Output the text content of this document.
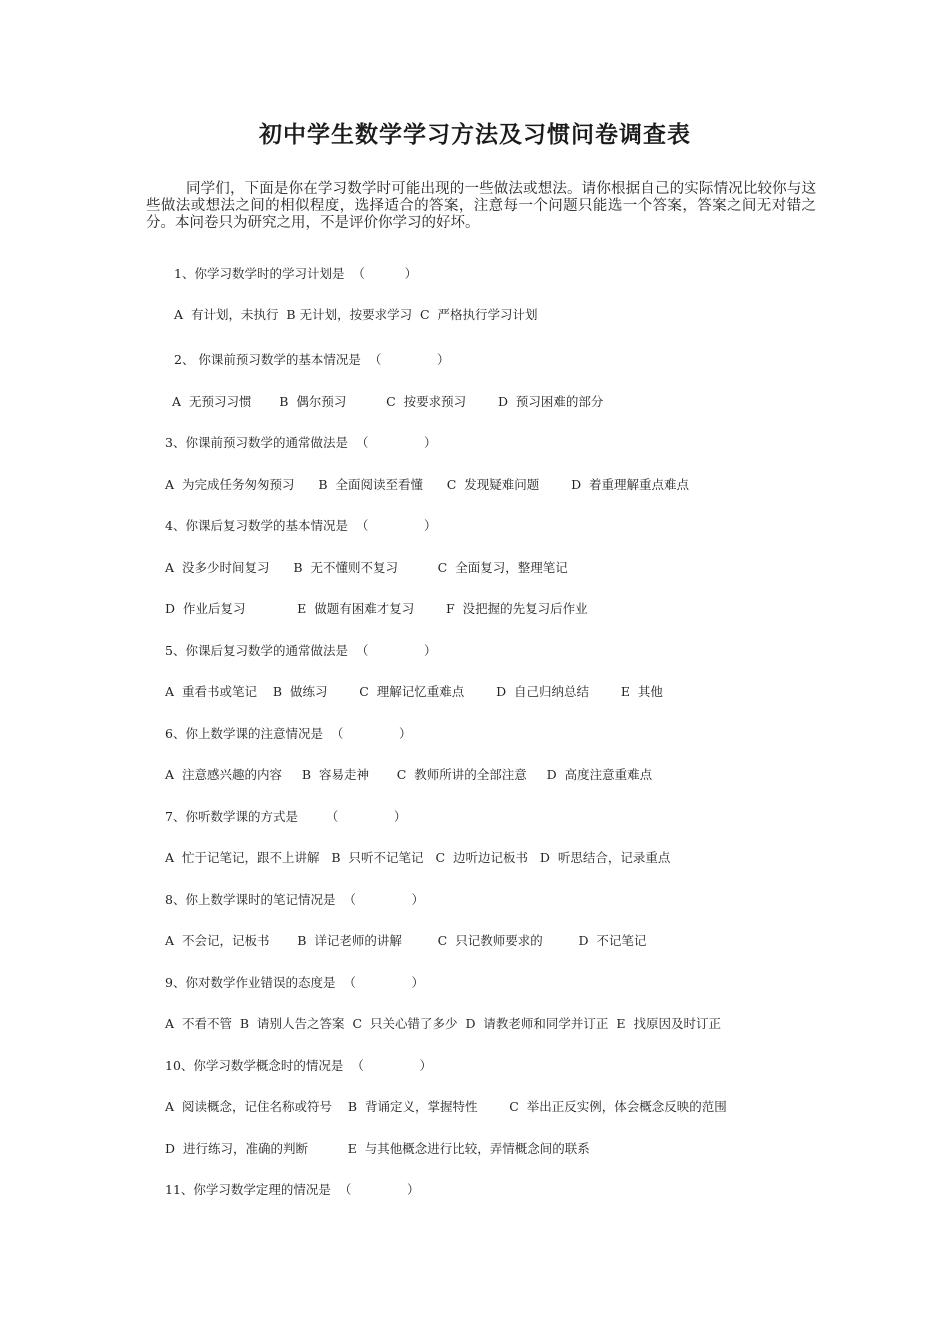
初中学生数学学习方法及习惯问卷调查表
同学们，下面是你在学习数学时可能出现的一些做法或想法。请你根据自己的实际情况比较你与这些做法或想法之间的相似程度，选择适合的答案，注意每一个问题只能选一个答案，答案之间无对错之分。本问卷只为研究之用，不是评价你学习的好坏。
1、你学习数学时的学习计划是  （          ）
A  有计划，未执行  B 无计划，按要求学习  C  严格执行学习计划
2、 你课前预习数学的基本情况是  （              ）
A  无预习习惯       B  偶尔预习          C  按要求预习        D  预习困难的部分
3、你课前预习数学的通常做法是  （              ）
A  为完成任务匆匆预习      B  全面阅读至看懂      C  发现疑难问题        D  着重理解重点难点
4、你课后复习数学的基本情况是  （              ）
A  没多少时间复习      B  无不懂则不复习          C  全面复习，整理笔记
D  作业后复习             E  做题有困难才复习        F  没把握的先复习后作业
5、你课后复习数学的通常做法是  （              ）
A  重看书或笔记    B  做练习        C  理解记忆重难点        D  自己归纳总结        E  其他
6、你上数学课的注意情况是  （              ）
A  注意感兴趣的内容     B  容易走神       C  教师所讲的全部注意     D  高度注意重难点
7、你听数学课的方式是       （              ）
A  忙于记笔记，跟不上讲解   B  只听不记笔记   C  边听边记板书   D  听思结合，记录重点
8、你上数学课时的笔记情况是  （              ）
A  不会记，记板书       B  详记老师的讲解         C  只记教师要求的         D  不记笔记
9、你对数学作业错误的态度是  （              ）
A  不看不管  B  请别人告之答案  C  只关心错了多少  D  请教老师和同学并订正  E  找原因及时订正
10、你学习数学概念时的情况是  （              ）
A  阅读概念，记住名称或符号    B  背诵定义，掌握特性        C  举出正反实例，体会概念反映的范围
D  进行练习，准确的判断          E  与其他概念进行比较，弄情概念间的联系
11、你学习数学定理的情况是  （              ）
